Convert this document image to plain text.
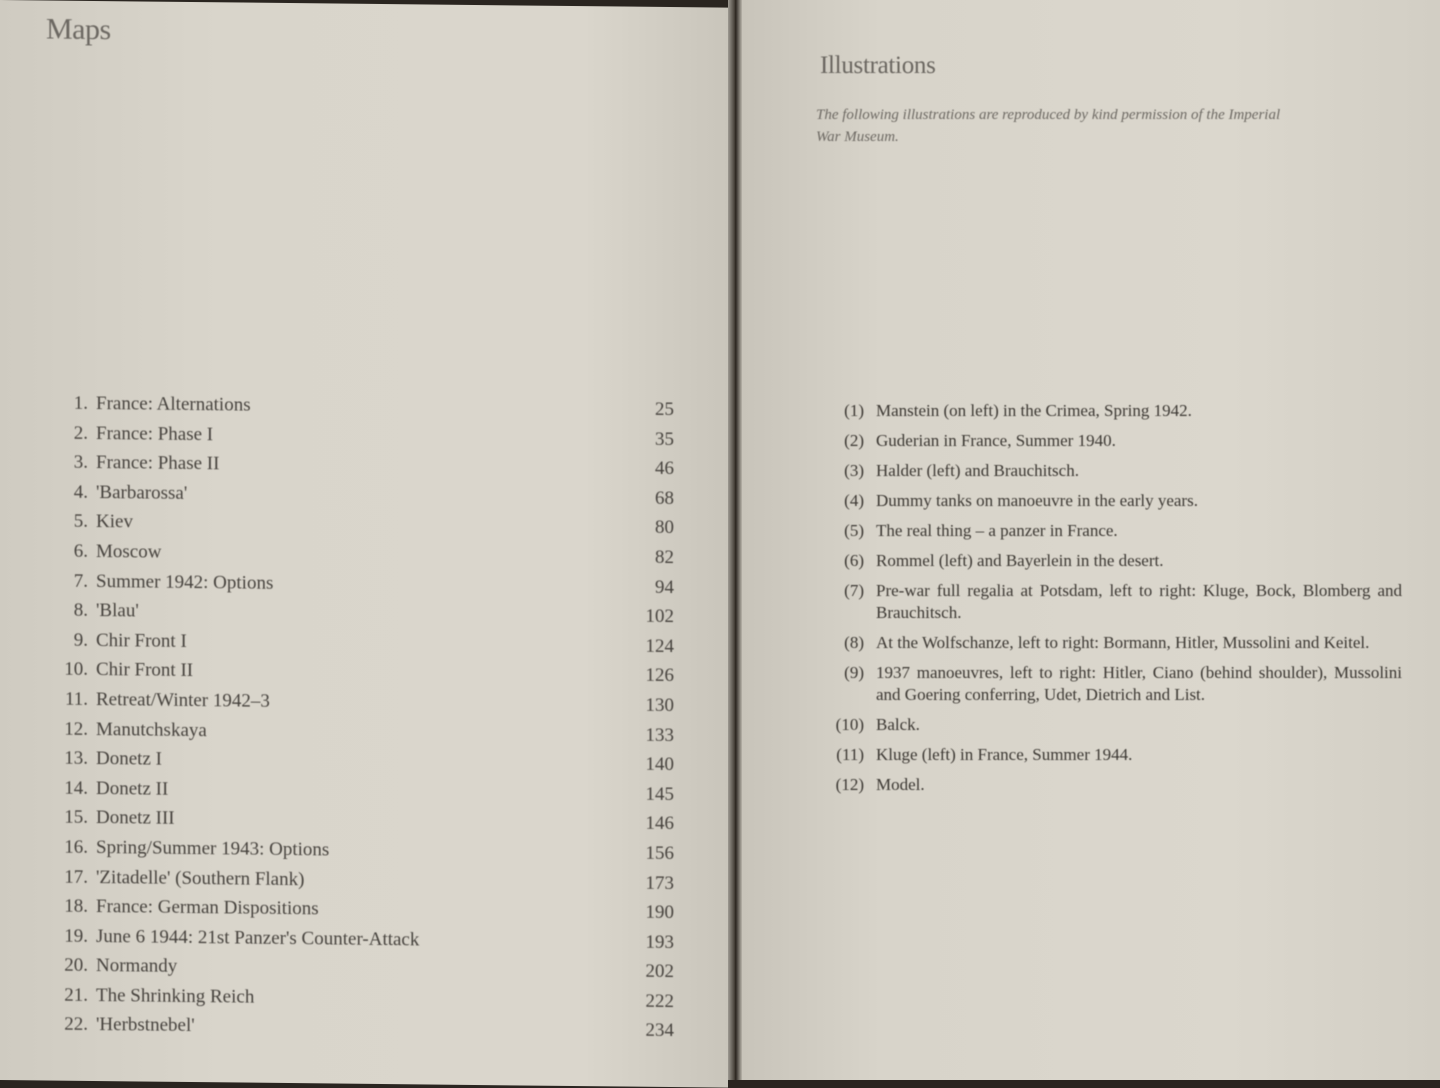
Maps
1. France: Alternations	25
2. France: Phase I	35
3. France: Phase II	46
4. 'Barbarossa'	68
5. Kiev	80
6. Moscow	82
7. Summer 1942: Options	94
8. 'Blau'	102
9. Chir Front I	124
10. Chir Front II	126
11. Retreat/Winter 1942–3	130
12. Manutchskaya	133
13. Donetz I	140
14. Donetz II	145
15. Donetz III	146
16. Spring/Summer 1943: Options	156
17. 'Zitadelle' (Southern Flank)	173
18. France: German Dispositions	190
19. June 6 1944: 21st Panzer's Counter-Attack	193
20. Normandy	202
21. The Shrinking Reich	222
22. 'Herbstnebel'	234
Illustrations
The following illustrations are reproduced by kind permission of the Imperial War Museum.
(1) Manstein (on left) in the Crimea, Spring 1942.
(2) Guderian in France, Summer 1940.
(3) Halder (left) and Brauchitsch.
(4) Dummy tanks on manoeuvre in the early years.
(5) The real thing – a panzer in France.
(6) Rommel (left) and Bayerlein in the desert.
(7) Pre-war full regalia at Potsdam, left to right: Kluge, Bock, Blomberg and Brauchitsch.
(8) At the Wolfschanze, left to right: Bormann, Hitler, Mussolini and Keitel.
(9) 1937 manoeuvres, left to right: Hitler, Ciano (behind shoulder), Mussolini and Goering conferring, Udet, Dietrich and List.
(10) Balck.
(11) Kluge (left) in France, Summer 1944.
(12) Model.
